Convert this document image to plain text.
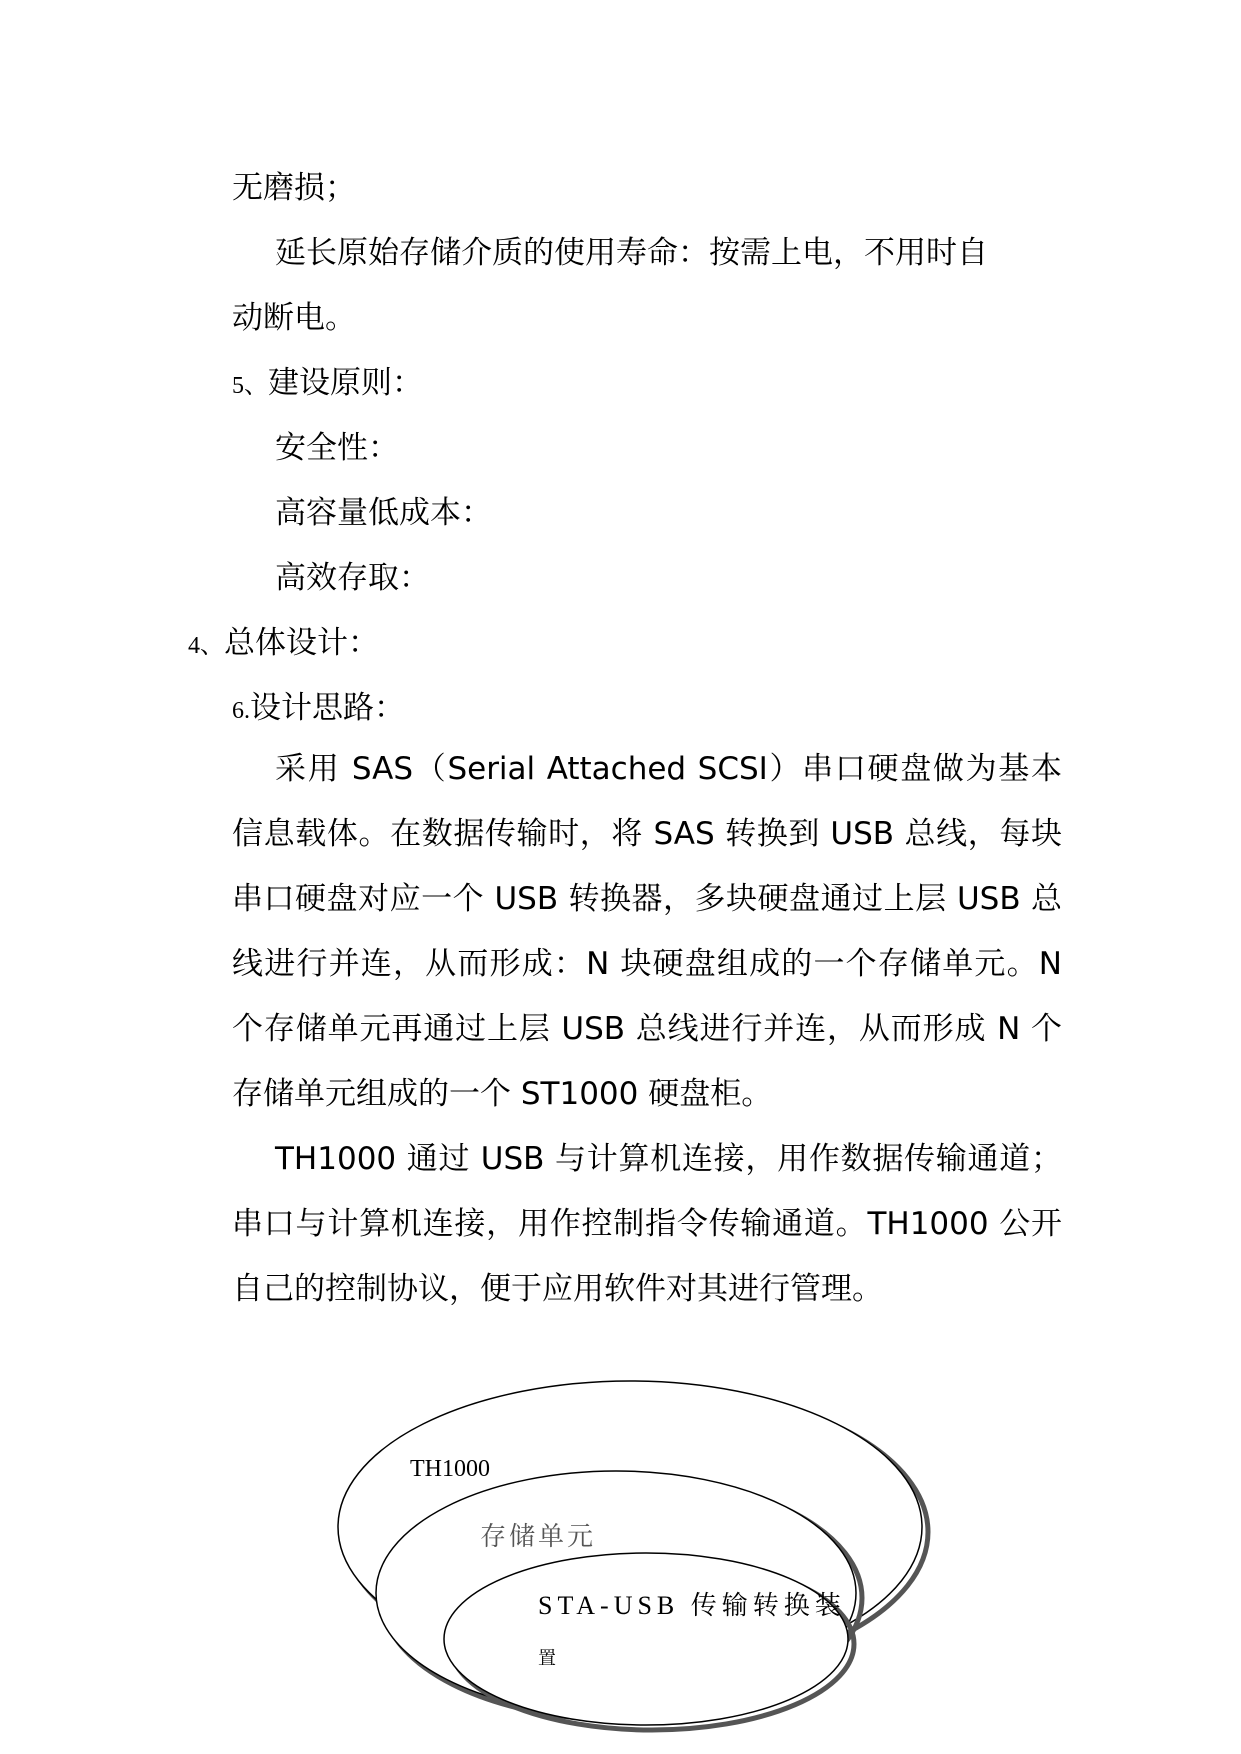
无磨损；
延长原始存储介质的使用寿命：按需上电，不用时自
动断电。
5、建设原则：
安全性：
高容量低成本：
高效存取：
4、总体设计：
6.设计思路：
采用 SAS（Serial Attached SCSI）串口硬盘做为基本信息载体。在数据传输时，将 SAS 转换到 USB 总线，每块串口硬盘对应一个 USB 转换器，多块硬盘通过上层 USB 总线进行并连，从而形成：N 块硬盘组成的一个存储单元。N 个存储单元再通过上层 USB 总线进行并连，从而形成 N 个存储单元组成的一个 ST1000 硬盘柜。
TH1000 通过 USB 与计算机连接，用作数据传输通道；串口与计算机连接，用作控制指令传输通道。TH1000 公开自己的控制协议，便于应用软件对其进行管理。
TH1000
存储单元
STA-USB 传输转换装
置
